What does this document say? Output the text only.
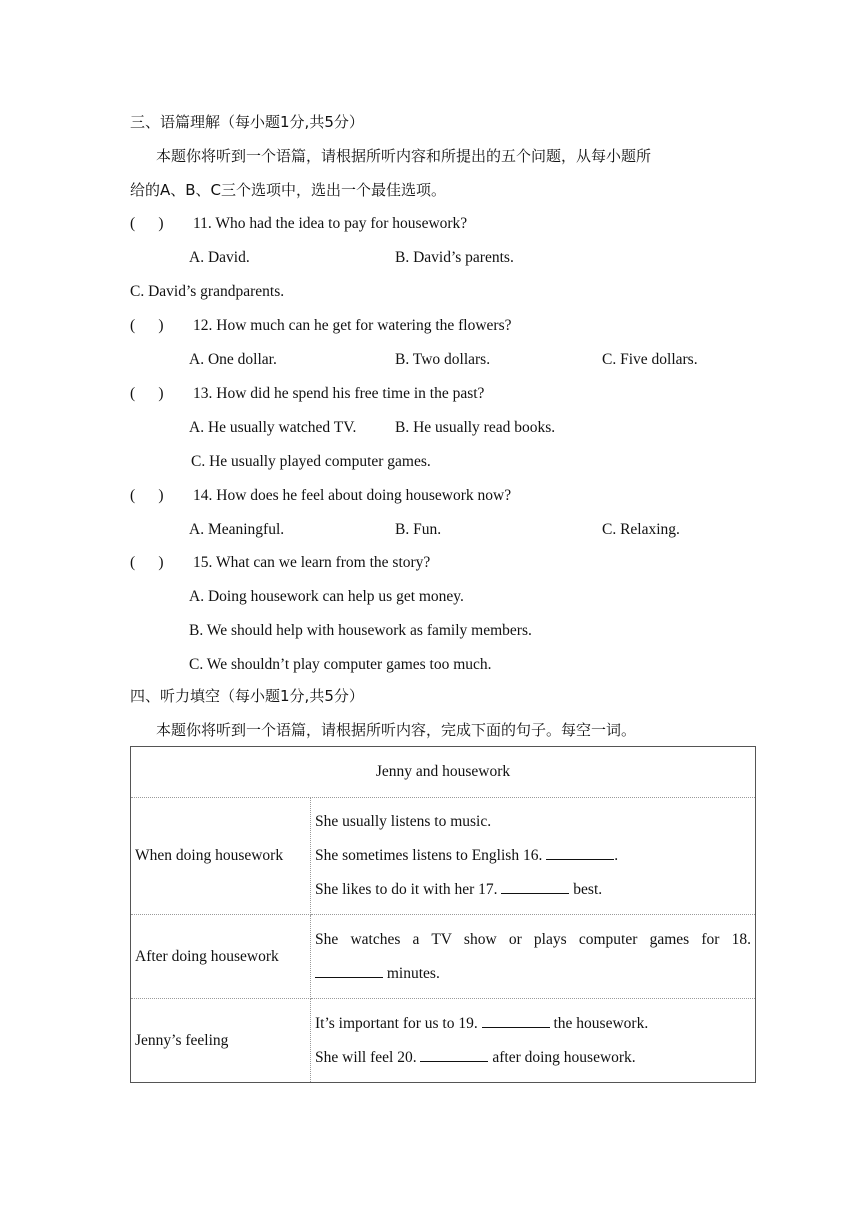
三、语篇理解（每小题1分,共5分）
本题你将听到一个语篇，请根据所听内容和所提出的五个问题，从每小题所
给的A、B、C三个选项中，选出一个最佳选项。
(      ) 11. Who had the idea to pay for housework?
A. David.	B. David’s parents.
C. David’s grandparents.
(      ) 12. How much can he get for watering the flowers?
A. One dollar.	B. Two dollars.	C. Five dollars.
(      ) 13. How did he spend his free time in the past?
A. He usually watched TV. B. He usually read books.
C. He usually played computer games.
(      ) 14. How does he feel about doing housework now?
A. Meaningful.	B. Fun.	C. Relaxing.
(      ) 15. What can we learn from the story?
A. Doing housework can help us get money.
B. We should help with housework as family members.
C. We shouldn’t play computer games too much.
四、听力填空（每小题1分,共5分）
本题你将听到一个语篇，请根据所听内容，完成下面的句子。每空一词。
Jenny and housework	
When doing housework	She usually listens to music.
She sometimes listens to English 16. .
She likes to do it with her 17. best.

After doing housework	She watches a TV show or plays computer games for 18.
minutes.

Jenny’s feeling	It’s important for us to 19. the housework.
She will feel 20. after doing housework.
